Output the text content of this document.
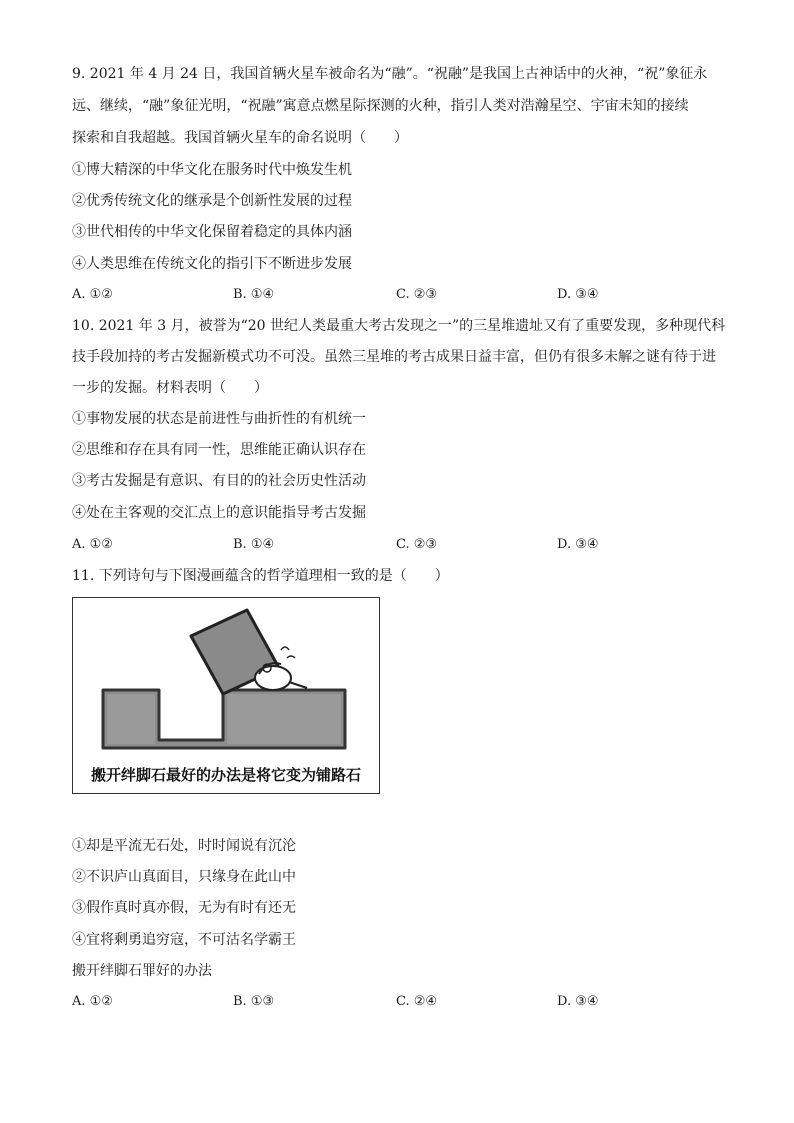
9. 2021 年 4 月 24 日，我国首辆火星车被命名为“融”。“祝融”是我国上古神话中的火神，“祝”象征永
远、继续，“融”象征光明，“祝融”寓意点燃星际探测的火种，指引人类对浩瀚星空、宇宙未知的接续
探索和自我超越。我国首辆火星车的命名说明（　　）
①博大精深的中华文化在服务时代中焕发生机
②优秀传统文化的继承是个创新性发展的过程
③世代相传的中华文化保留着稳定的具体内涵
④人类思维在传统文化的指引下不断进步发展
A. ①②	B. ①④	C. ②③	D. ③④
10. 2021 年 3 月，被誉为“20 世纪人类最重大考古发现之一”的三星堆遗址又有了重要发现，多种现代科
技手段加持的考古发掘新模式功不可没。虽然三星堆的考古成果日益丰富，但仍有很多未解之谜有待于进
一步的发掘。材料表明（　　）
①事物发展的状态是前进性与曲折性的有机统一
②思维和存在具有同一性，思维能正确认识存在
③考古发掘是有意识、有目的的社会历史性活动
④处在主客观的交汇点上的意识能指导考古发掘
A. ①②	B. ①④	C. ②③	D. ③④
11. 下列诗句与下图漫画蕴含的哲学道理相一致的是（　　）
搬开绊脚石最好的办法是将它变为铺路石
①却是平流无石处，时时闻说有沉沦
②不识庐山真面目，只缘身在此山中
③假作真时真亦假，无为有时有还无
④宜将剩勇追穷寇，不可沽名学霸王
搬开绊脚石罪好的办法
A. ①②	B. ①③	C. ②④	D. ③④
